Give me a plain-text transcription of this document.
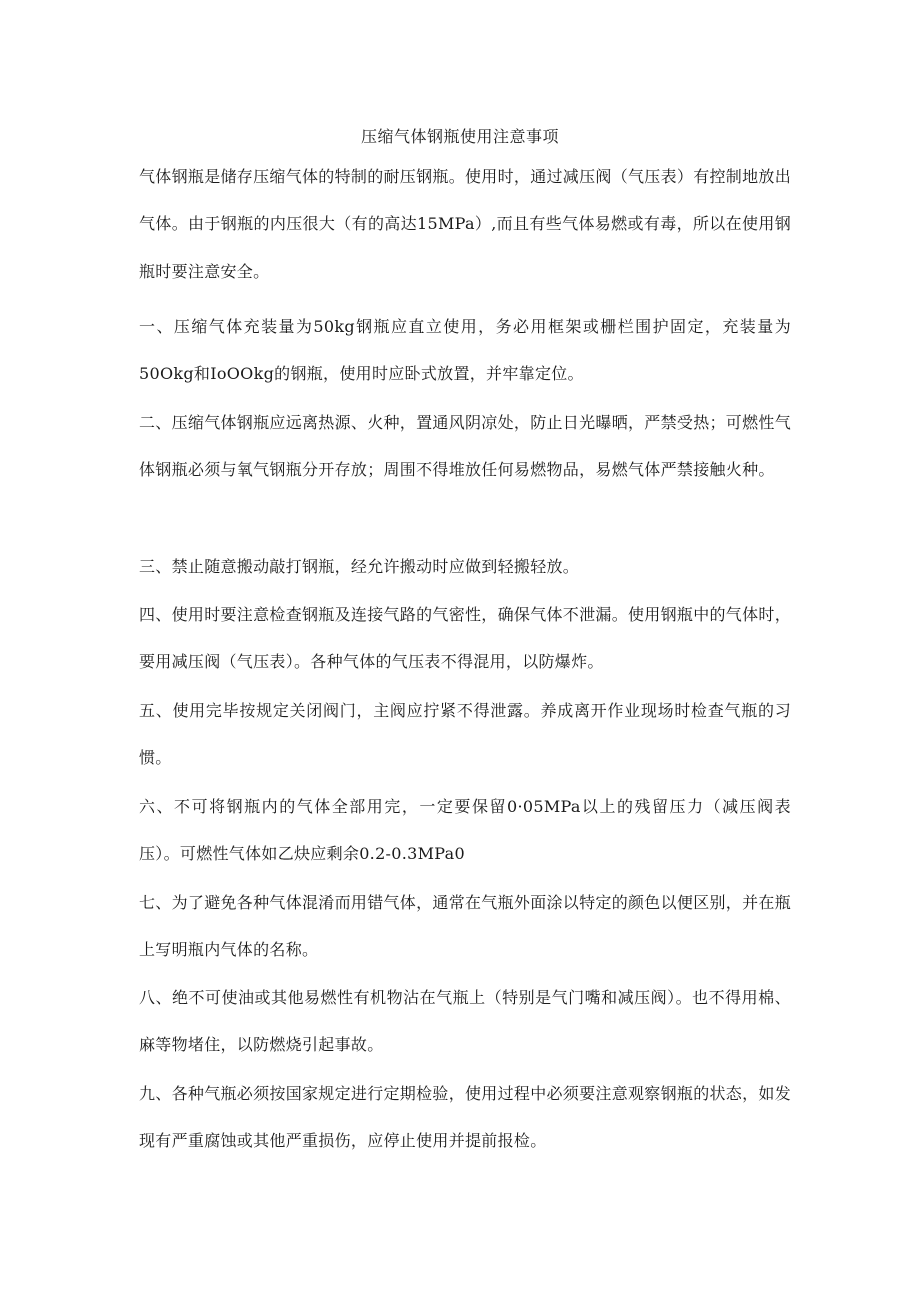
压缩气体钢瓶使用注意事项

气体钢瓶是储存压缩气体的特制的耐压钢瓶。使用时，通过减压阀（气压表）有控制地放出气体。由于钢瓶的内压很大（有的高达15MPa）,而且有些气体易燃或有毒，所以在使用钢瓶时要注意安全。

一、压缩气体充装量为50kg钢瓶应直立使用，务必用框架或栅栏围护固定，充装量为50Okg和IoOOkg的钢瓶，使用时应卧式放置，并牢靠定位。

二、压缩气体钢瓶应远离热源、火种，置通风阴凉处，防止日光曝晒，严禁受热；可燃性气体钢瓶必须与氧气钢瓶分开存放；周围不得堆放任何易燃物品，易燃气体严禁接触火种。

三、禁止随意搬动敲打钢瓶，经允许搬动时应做到轻搬轻放。

四、使用时要注意检查钢瓶及连接气路的气密性，确保气体不泄漏。使用钢瓶中的气体时，要用减压阀（气压表）。各种气体的气压表不得混用，以防爆炸。

五、使用完毕按规定关闭阀门，主阀应拧紧不得泄露。养成离开作业现场时检查气瓶的习惯。

六、不可将钢瓶内的气体全部用完，一定要保留0·05MPa以上的残留压力（减压阀表压）。可燃性气体如乙炔应剩余0.2-0.3MPa0

七、为了避免各种气体混淆而用错气体，通常在气瓶外面涂以特定的颜色以便区别，并在瓶上写明瓶内气体的名称。

八、绝不可使油或其他易燃性有机物沾在气瓶上（特别是气门嘴和减压阀）。也不得用棉、麻等物堵住，以防燃烧引起事故。

九、各种气瓶必须按国家规定进行定期检验，使用过程中必须要注意观察钢瓶的状态，如发现有严重腐蚀或其他严重损伤，应停止使用并提前报检。
